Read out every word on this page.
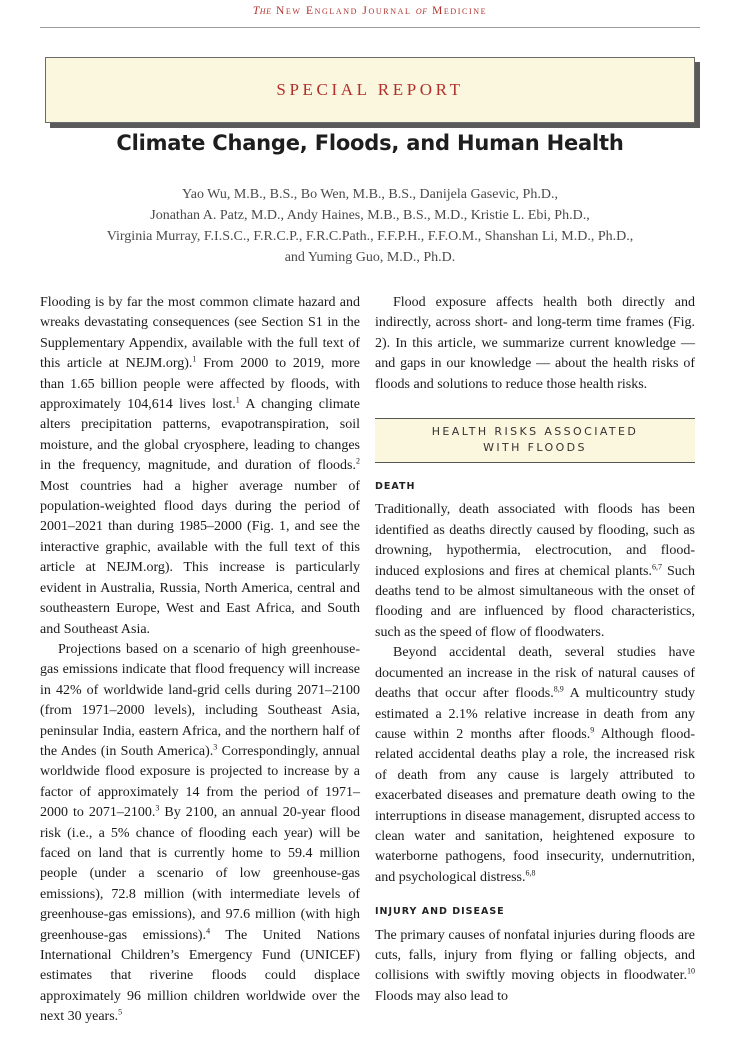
The New England Journal of Medicine
SPECIAL REPORT
Climate Change, Floods, and Human Health
Yao Wu, M.B., B.S., Bo Wen, M.B., B.S., Danijela Gasevic, Ph.D.,
Jonathan A. Patz, M.D., Andy Haines, M.B., B.S., M.D., Kristie L. Ebi, Ph.D.,
Virginia Murray, F.I.S.C., F.R.C.P., F.R.C.Path., F.F.P.H., F.F.O.M., Shanshan Li, M.D., Ph.D.,
and Yuming Guo, M.D., Ph.D.

Flooding is by far the most common climate hazard and wreaks devastating consequences (see Section S1 in the Supplementary Appendix, available with the full text of this article at NEJM.org).$^1$ From 2000 to 2019, more than 1.65 billion people were affected by floods, with approximately 104,614 lives lost.$^1$ A changing climate alters precipitation patterns, evapotranspiration, soil moisture, and the global cryosphere, leading to changes in the frequency, magnitude, and duration of floods.$^2$ Most countries had a higher average number of population-weighted flood days during the period of 2001–2021 than during 1985–2000 (Fig. 1, and see the interactive graphic, available with the full text of this article at NEJM.org). This increase is particularly evident in Australia, Russia, North America, central and southeastern Europe, West and East Africa, and South and Southeast Asia.

Projections based on a scenario of high greenhouse-gas emissions indicate that flood frequency will increase in 42% of worldwide land-grid cells during 2071–2100 (from 1971–2000 levels), including Southeast Asia, peninsular India, eastern Africa, and the northern half of the Andes (in South America).$^3$ Correspondingly, annual worldwide flood exposure is projected to increase by a factor of approximately 14 from the period of 1971–2000 to 2071–2100.$^3$ By 2100, an annual 20-year flood risk (i.e., a 5% chance of flooding each year) will be faced on land that is currently home to 59.4 million people (under a scenario of low greenhouse-gas emissions), 72.8 million (with intermediate levels of greenhouse-gas emissions), and 97.6 million (with high greenhouse-gas emissions).$^4$ The United Nations International Children’s Emergency Fund (UNICEF) estimates that riverine floods could displace approximately 96 million children worldwide over the next 30 years.$^5$

Flood exposure affects health both directly and indirectly, across short- and long-term time frames (Fig. 2). In this article, we summarize current knowledge — and gaps in our knowledge — about the health risks of floods and solutions to reduce those health risks.

HEALTH RISKS ASSOCIATED
WITH FLOODS
DEATH

Traditionally, death associated with floods has been identified as deaths directly caused by flooding, such as drowning, hypothermia, electrocution, and flood-induced explosions and fires at chemical plants.$^{6,7}$ Such deaths tend to be almost simultaneous with the onset of flooding and are influenced by flood characteristics, such as the speed of flow of floodwaters.

Beyond accidental death, several studies have documented an increase in the risk of natural causes of deaths that occur after floods.$^{8,9}$ A multicountry study estimated a 2.1% relative increase in death from any cause within 2 months after floods.$^9$ Although flood-related accidental deaths play a role, the increased risk of death from any cause is largely attributed to exacerbated diseases and premature death owing to the interruptions in disease management, disrupted access to clean water and sanitation, heightened exposure to waterborne pathogens, food insecurity, undernutrition, and psychological distress.$^{6,8}$

INJURY AND DISEASE

The primary causes of nonfatal injuries during floods are cuts, falls, injury from flying or falling objects, and collisions with swiftly moving objects in floodwater.$^{10}$ Floods may also lead to
